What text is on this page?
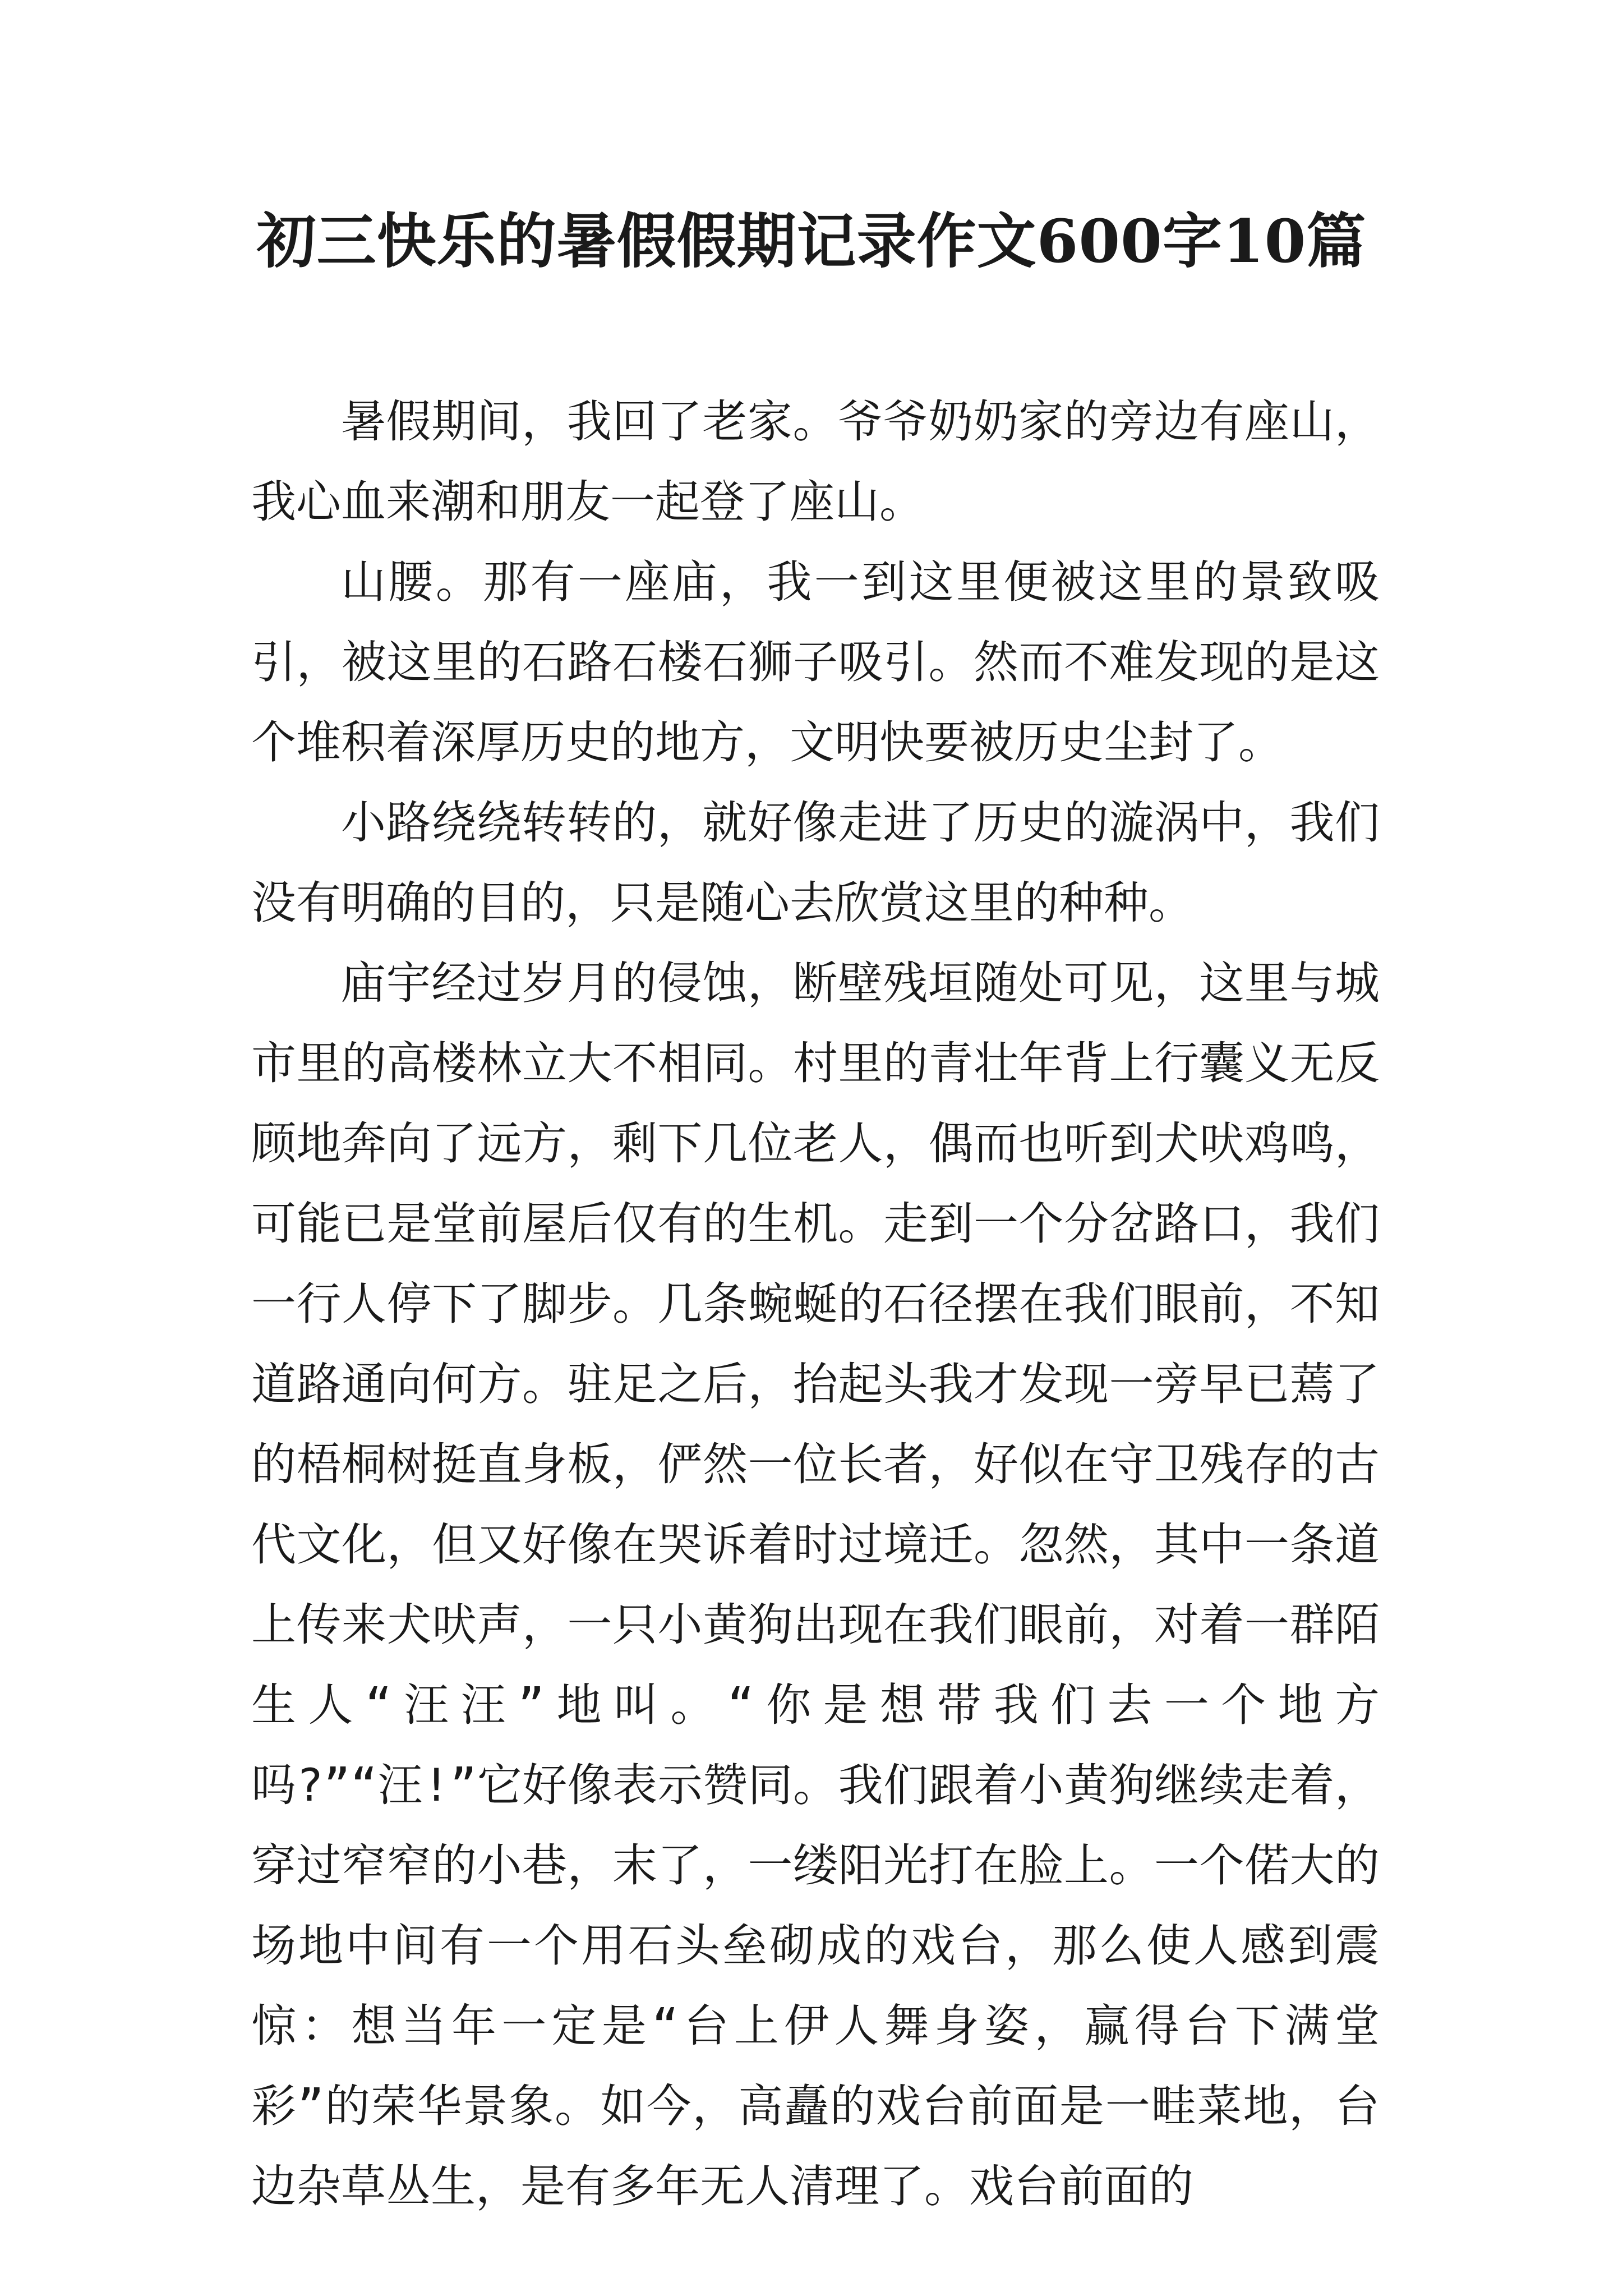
初三快乐的暑假假期记录作文600字10篇

暑假期间，我回了老家。爷爷奶奶家的旁边有座山，我心血来潮和朋友一起登了座山。

山腰。那有一座庙，我一到这里便被这里的景致吸引，被这里的石路石楼石狮子吸引。然而不难发现的是这个堆积着深厚历史的地方，文明快要被历史尘封了。

小路绕绕转转的，就好像走进了历史的漩涡中，我们没有明确的目的，只是随心去欣赏这里的种种。

庙宇经过岁月的侵蚀，断壁残垣随处可见，这里与城市里的高楼林立大不相同。村里的青壮年背上行囊义无反顾地奔向了远方，剩下几位老人，偶而也听到犬吠鸡鸣，可能已是堂前屋后仅有的生机。走到一个分岔路口，我们一行人停下了脚步。几条蜿蜒的石径摆在我们眼前，不知道路通向何方。驻足之后，抬起头我才发现一旁早已蔫了的梧桐树挺直身板，俨然一位长者，好似在守卫残存的古代文化，但又好像在哭诉着时过境迁。忽然，其中一条道上传来犬吠声，一只小黄狗出现在我们眼前，对着一群陌生人“汪汪”地叫。“你是想带我们去一个地方吗?”“汪!”它好像表示赞同。我们跟着小黄狗继续走着，穿过窄窄的小巷，末了，一缕阳光打在脸上。一个偌大的场地中间有一个用石头垒砌成的戏台，那么使人感到震惊：想当年一定是“台上伊人舞身姿，赢得台下满堂彩”的荣华景象。如今，高矗的戏台前面是一畦菜地，台边杂草丛生，是有多年无人清理了。戏台前面的
